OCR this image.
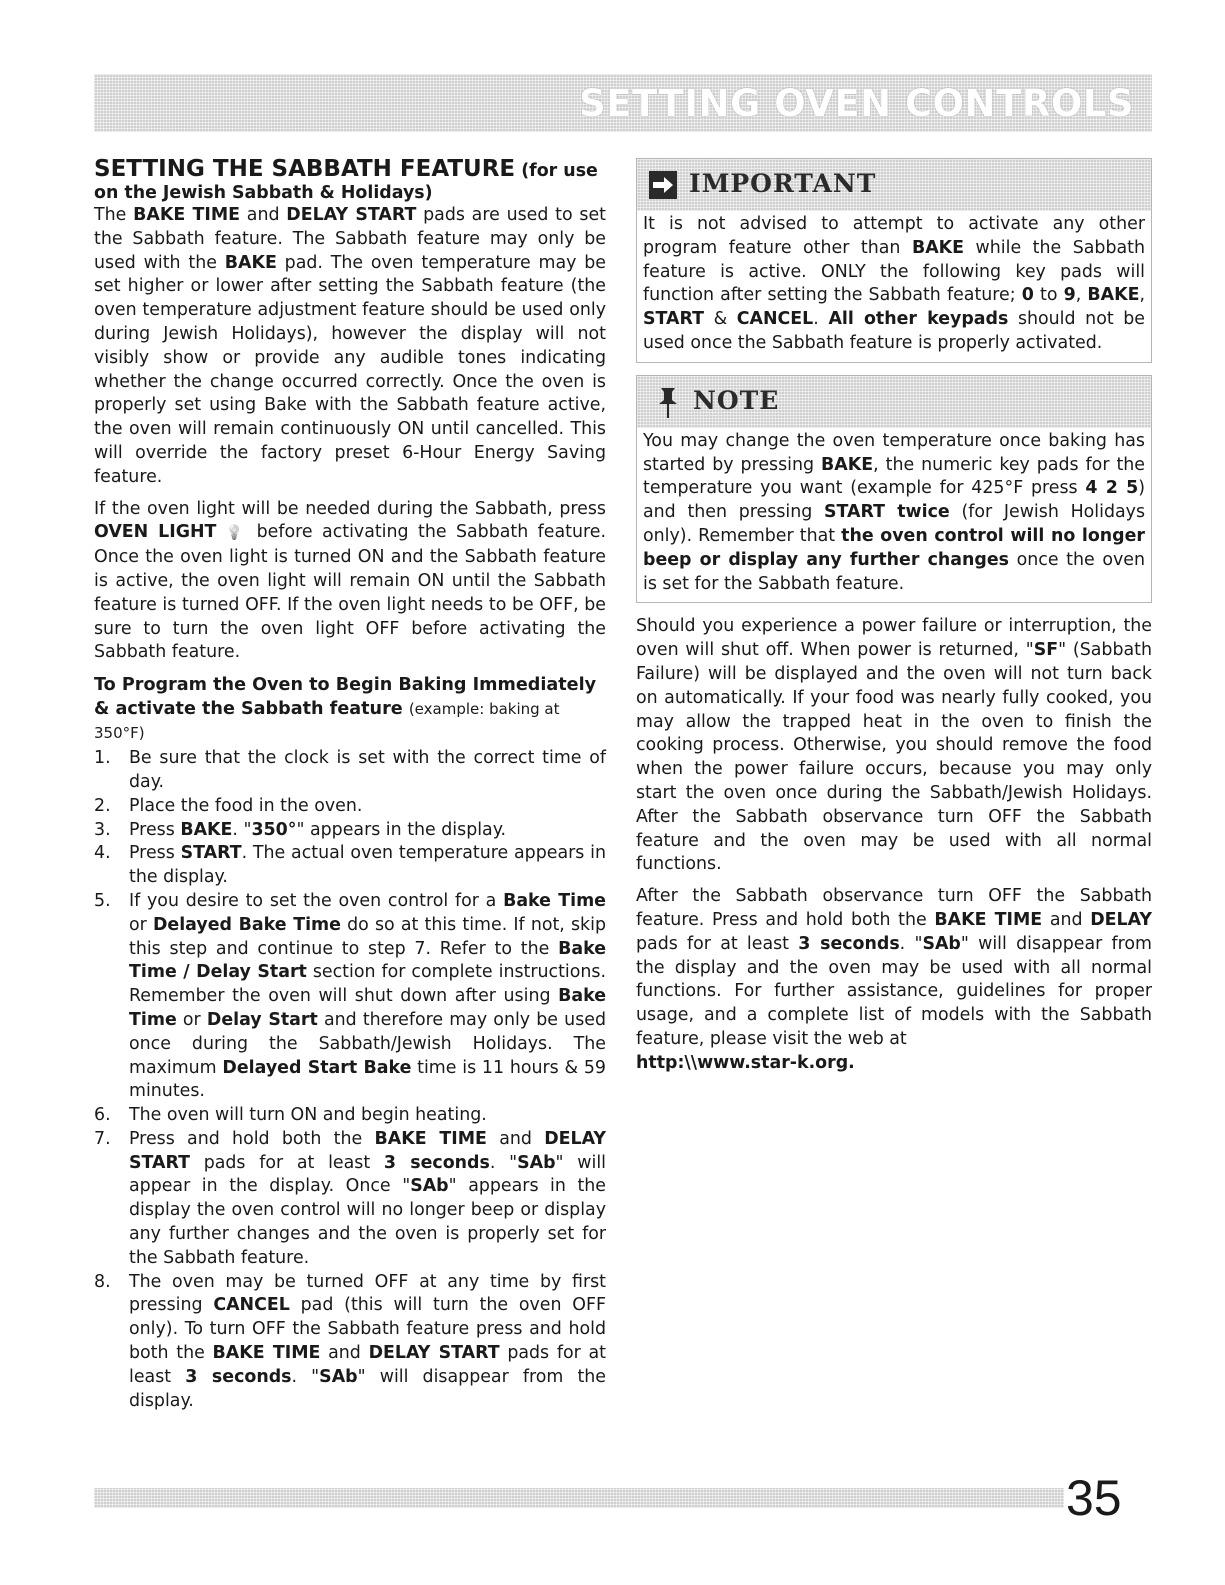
SETTING OVEN CONTROLS
SETTING THE SABBATH FEATURE (for use on the Jewish Sabbath & Holidays)

The BAKE TIME and DELAY START pads are used to set the Sabbath feature. The Sabbath feature may only be used with the BAKE pad. The oven temperature may be set higher or lower after setting the Sabbath feature (the oven temperature adjustment feature should be used only during Jewish Holidays), however the display will not visibly show or provide any audible tones indicating whether the change occurred correctly. Once the oven is properly set using Bake with the Sabbath feature active, the oven will remain continuously ON until cancelled. This will override the factory preset 6-Hour Energy Saving feature.

If the oven light will be needed during the Sabbath, press OVEN LIGHT 💡 before activating the Sabbath feature. Once the oven light is turned ON and the Sabbath feature is active, the oven light will remain ON until the Sabbath feature is turned OFF. If the oven light needs to be OFF, be sure to turn the oven light OFF before activating the Sabbath feature.

To Program the Oven to Begin Baking Immediately & activate the Sabbath feature (example: baking at 350°F)
1. Be sure that the clock is set with the correct time of day.
2. Place the food in the oven.
3. Press BAKE. "350°" appears in the display.
4. Press START. The actual oven temperature appears in the display.
5. If you desire to set the oven control for a Bake Time or Delayed Bake Time do so at this time. If not, skip this step and continue to step 7. Refer to the Bake Time / Delay Start section for complete instructions. Remember the oven will shut down after using Bake Time or Delay Start and therefore may only be used once during the Sabbath/Jewish Holidays. The maximum Delayed Start Bake time is 11 hours & 59 minutes.
6. The oven will turn ON and begin heating.
7. Press and hold both the BAKE TIME and DELAY START pads for at least 3 seconds. "SAb" will appear in the display. Once "SAb" appears in the display the oven control will no longer beep or display any further changes and the oven is properly set for the Sabbath feature.
8. The oven may be turned OFF at any time by first pressing CANCEL pad (this will turn the oven OFF only). To turn OFF the Sabbath feature press and hold both the BAKE TIME and DELAY START pads for at least 3 seconds. "SAb" will disappear from the display.
IMPORTANT

It is not advised to attempt to activate any other program feature other than BAKE while the Sabbath feature is active. ONLY the following key pads will function after setting the Sabbath feature; 0 to 9, BAKE, START & CANCEL. All other keypads should not be used once the Sabbath feature is properly activated.

NOTE

You may change the oven temperature once baking has started by pressing BAKE, the numeric key pads for the temperature you want (example for 425°F press 4 2 5) and then pressing START twice (for Jewish Holidays only). Remember that the oven control will no longer beep or display any further changes once the oven is set for the Sabbath feature.

Should you experience a power failure or interruption, the oven will shut off. When power is returned, "SF" (Sabbath Failure) will be displayed and the oven will not turn back on automatically. If your food was nearly fully cooked, you may allow the trapped heat in the oven to finish the cooking process. Otherwise, you should remove the food when the power failure occurs, because you may only start the oven once during the Sabbath/Jewish Holidays. After the Sabbath observance turn OFF the Sabbath feature and the oven may be used with all normal functions.

After the Sabbath observance turn OFF the Sabbath feature. Press and hold both the BAKE TIME and DELAY pads for at least 3 seconds. "SAb" will disappear from the display and the oven may be used with all normal functions. For further assistance, guidelines for proper usage, and a complete list of models with the Sabbath feature, please visit the web at
http:\\www.star-k.org.

35
